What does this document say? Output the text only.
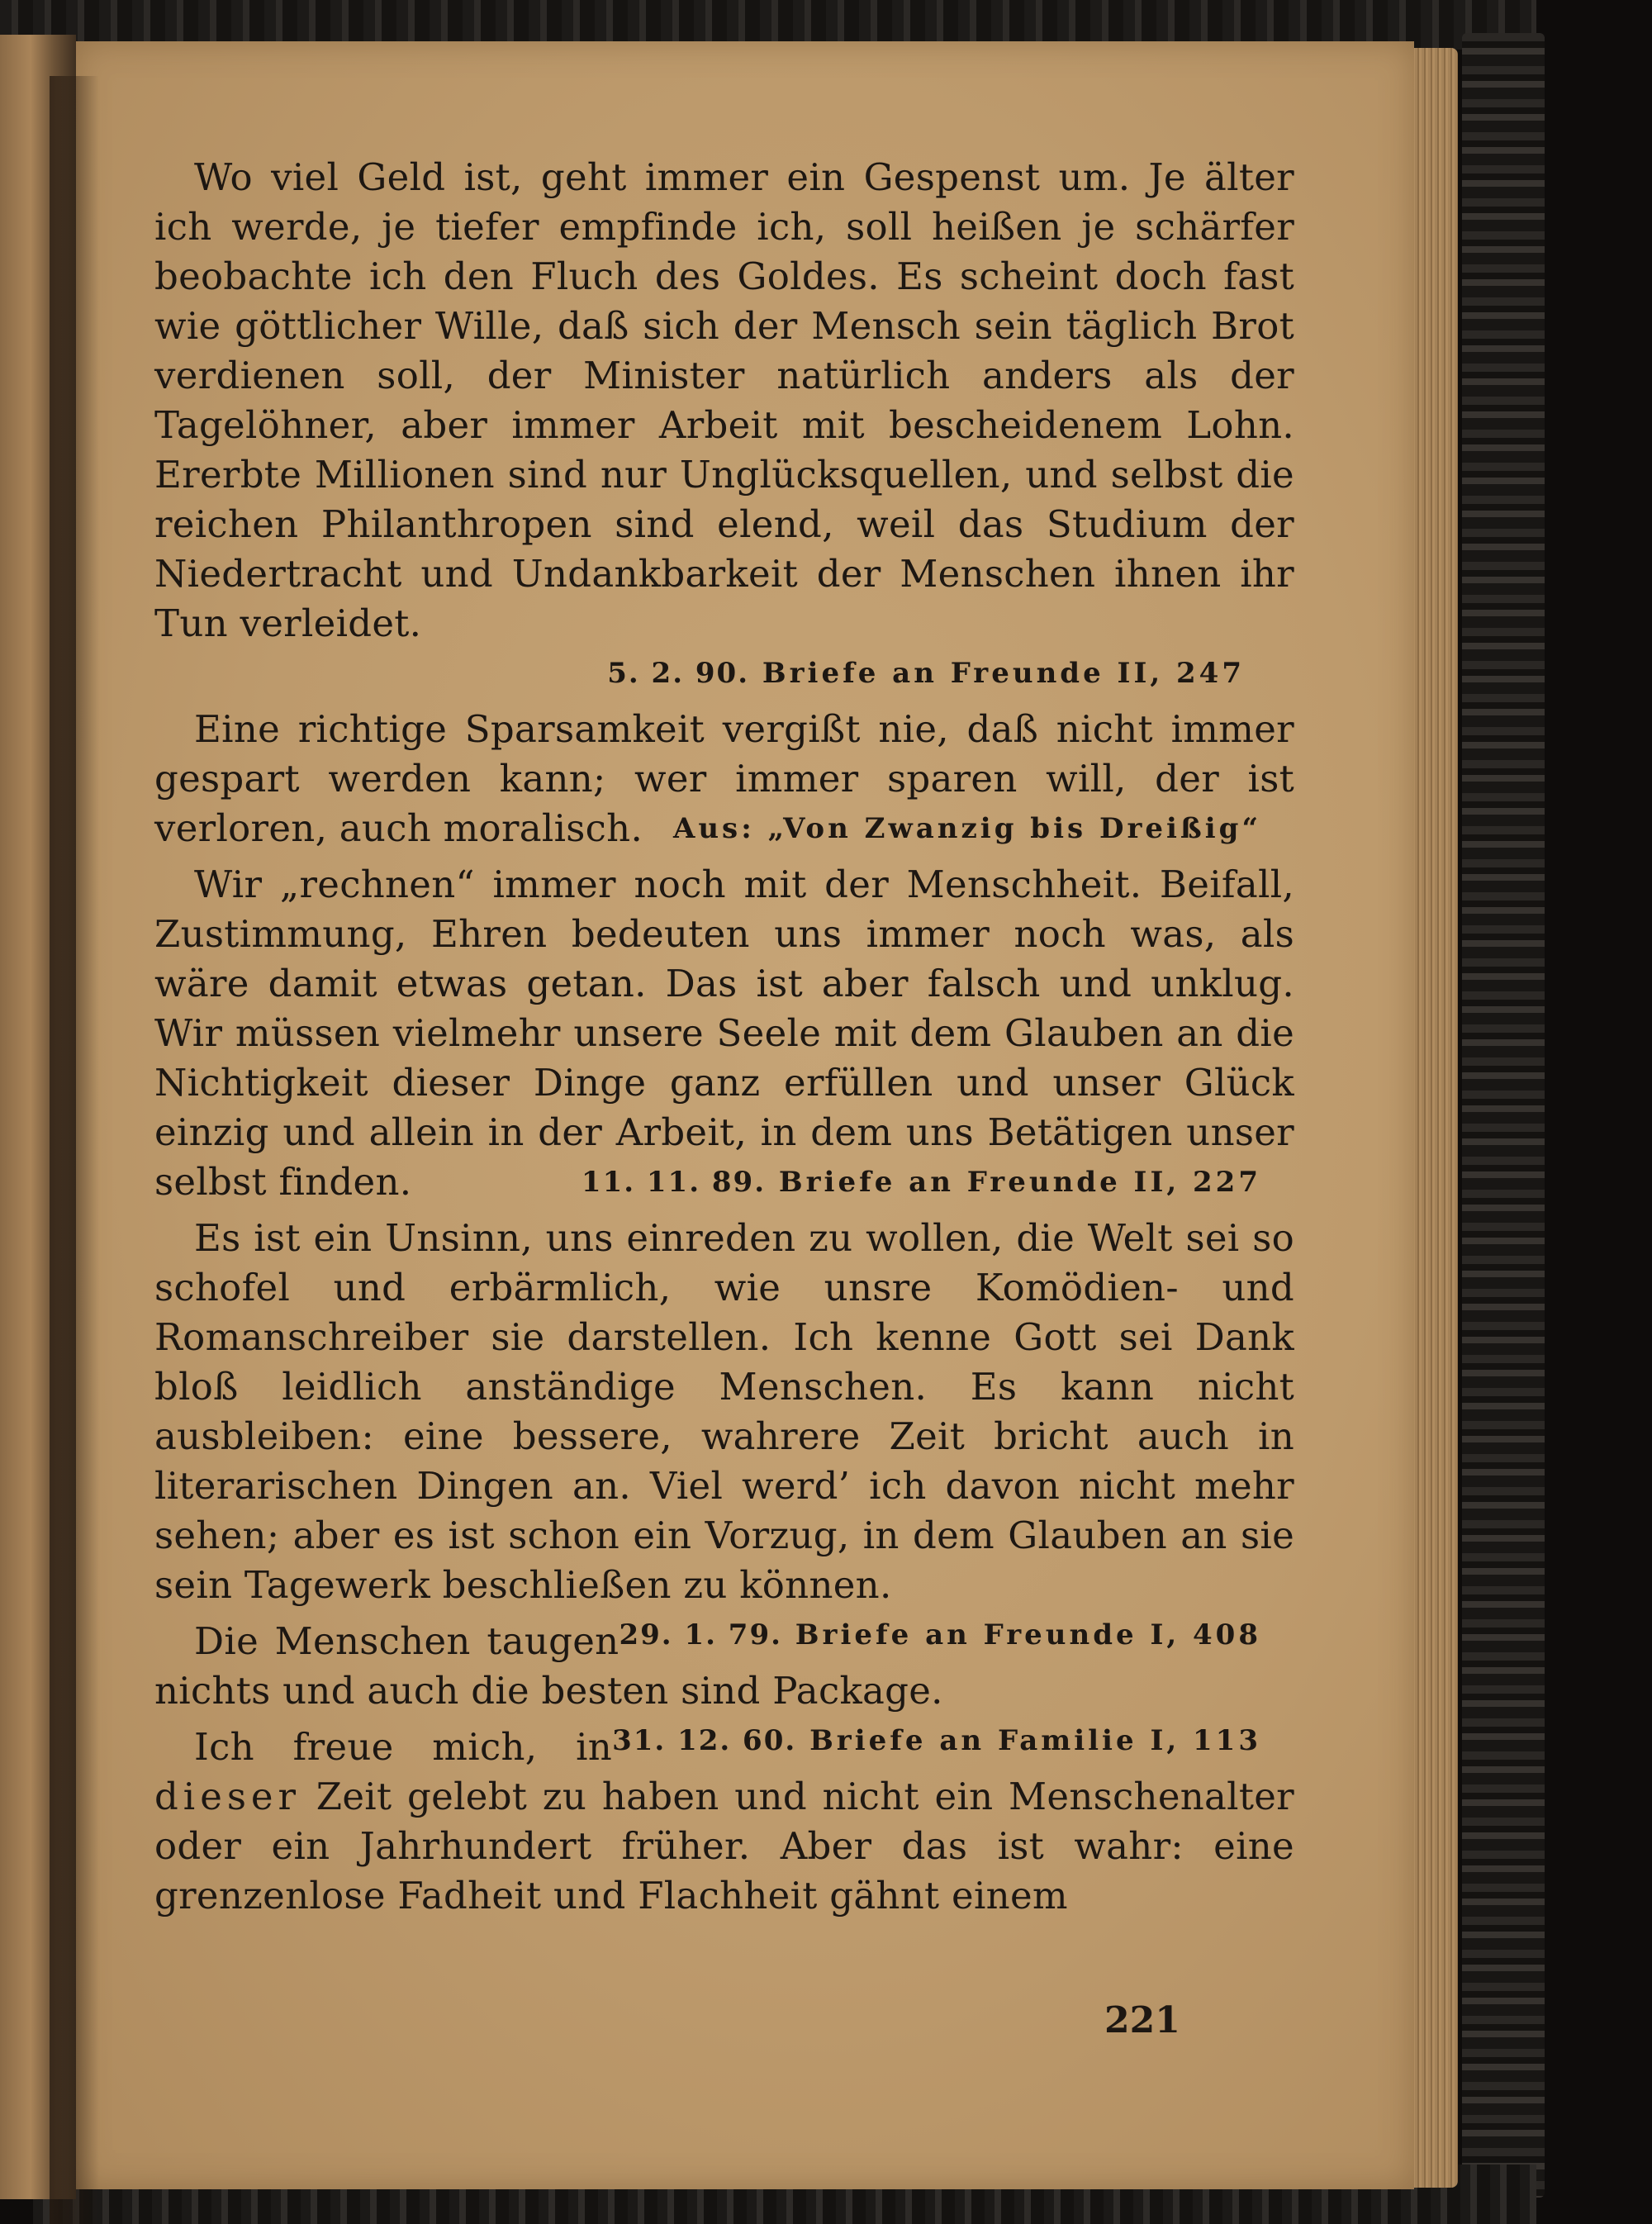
Wo viel Geld ist, geht immer ein Gespenst um. Je älter ich werde, je tiefer empfinde ich, soll heißen je schärfer beobachte ich den Fluch des Goldes. Es scheint doch fast wie göttlicher Wille, daß sich der Mensch sein täglich Brot verdienen soll, der Minister natürlich anders als der Tagelöhner, aber immer Arbeit mit bescheidenem Lohn. Ererbte Millionen sind nur Unglücksquellen, und selbst die reichen Philanthropen sind elend, weil das Studium der Niedertracht und Undankbarkeit der Menschen ihnen ihr Tun verleidet.
5. 2. 90. Briefe an Freunde II, 247

Eine richtige Sparsamkeit vergißt nie, daß nicht immer gespart werden kann; wer immer sparen will, der ist verloren, auch moralisch. Aus: „Von Zwanzig bis Dreißig“

Wir „rechnen“ immer noch mit der Menschheit. Beifall, Zustimmung, Ehren bedeuten uns immer noch was, als wäre damit etwas getan. Das ist aber falsch und unklug. Wir müssen vielmehr unsere Seele mit dem Glauben an die Nichtigkeit dieser Dinge ganz erfüllen und unser Glück einzig und allein in der Arbeit, in dem uns Betätigen unser selbst finden.	11. 11. 89. Briefe an Freunde II, 227

Es ist ein Unsinn, uns einreden zu wollen, die Welt sei so schofel und erbärmlich, wie unsre Komödien- und Romanschreiber sie darstellen. Ich kenne Gott sei Dank bloß leidlich anständige Menschen. Es kann nicht ausbleiben: eine bessere, wahrere Zeit bricht auch in literarischen Dingen an. Viel werd’ ich davon nicht mehr sehen; aber es ist schon ein Vorzug, in dem Glauben an sie sein Tagewerk beschließen zu können.
29. 1. 79. Briefe an Freunde I, 408

Die Menschen taugen nichts und auch die besten sind Package.
31. 12. 60. Briefe an Familie I, 113

Ich freue mich, in dieser Zeit gelebt zu haben und nicht ein Menschenalter oder ein Jahrhundert früher. Aber das ist wahr: eine grenzenlose Fadheit und Flachheit gähnt einem

221
